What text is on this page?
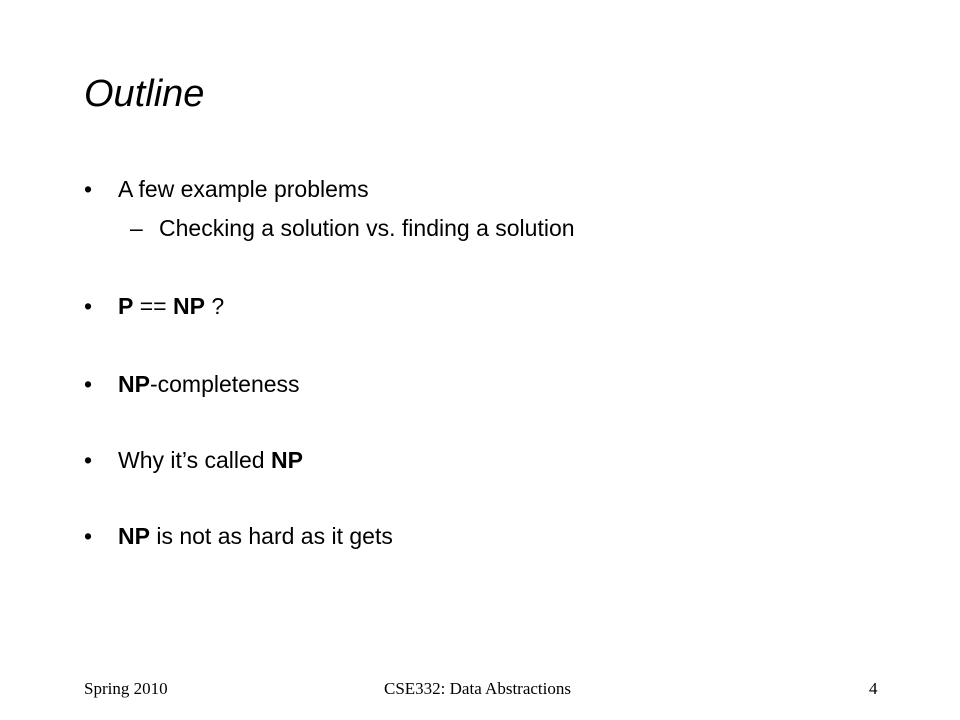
Outline
• A few example problems
– Checking a solution vs. finding a solution
• P == NP ?
• NP-completeness
• Why it’s called NP
• NP is not as hard as it gets
Spring 2010	CSE332: Data Abstractions	4
